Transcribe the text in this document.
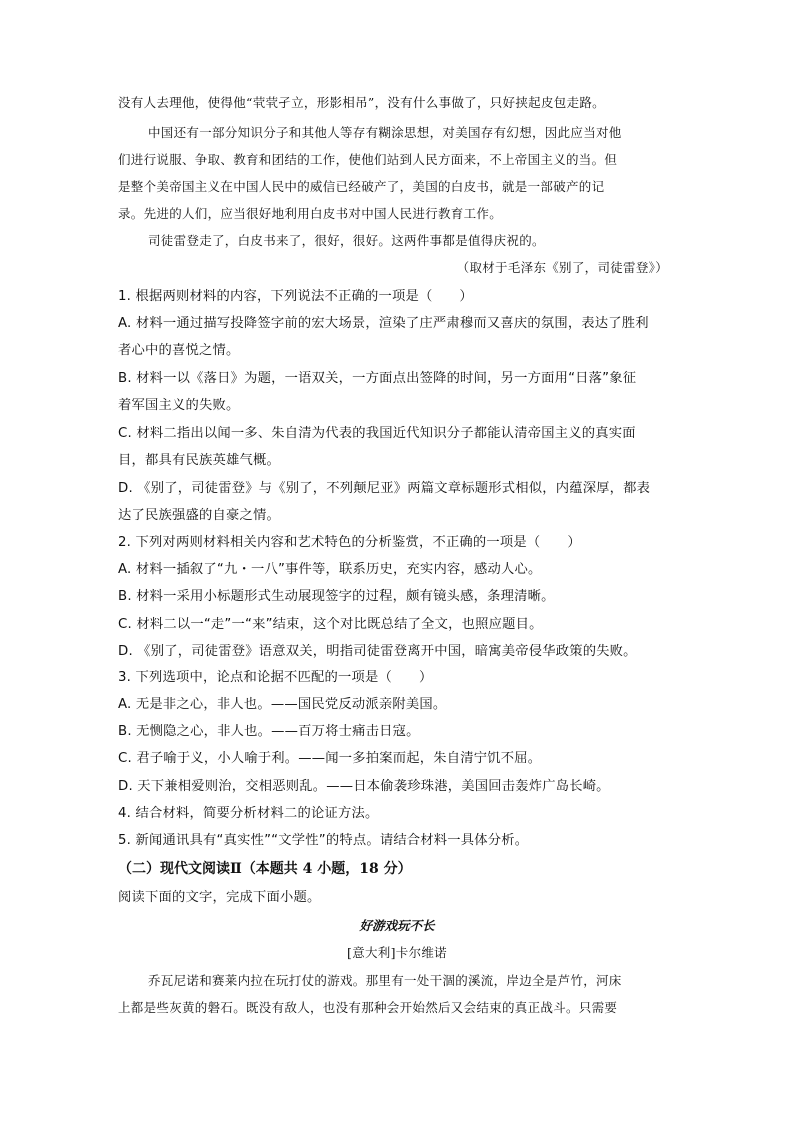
没有人去理他，使得他“茕茕孑立，形影相吊”，没有什么事做了，只好挟起皮包走路。
中国还有一部分知识分子和其他人等存有糊涂思想，对美国存有幻想，因此应当对他
们进行说服、争取、教育和团结的工作，使他们站到人民方面来，不上帝国主义的当。但
是整个美帝国主义在中国人民中的威信已经破产了，美国的白皮书，就是一部破产的记
录。先进的人们，应当很好地利用白皮书对中国人民进行教育工作。
司徒雷登走了，白皮书来了，很好，很好。这两件事都是值得庆祝的。
（取材于毛泽东《别了，司徒雷登》）
1. 根据两则材料的内容，下列说法不正确的一项是（　　）
A. 材料一通过描写投降签字前的宏大场景，渲染了庄严肃穆而又喜庆的氛围，表达了胜利
者心中的喜悦之情。
B. 材料一以《落日》为题，一语双关，一方面点出签降的时间，另一方面用“日落”象征
着军国主义的失败。
C. 材料二指出以闻一多、朱自清为代表的我国近代知识分子都能认清帝国主义的真实面
目，都具有民族英雄气概。
D. 《别了，司徒雷登》与《别了，不列颠尼亚》两篇文章标题形式相似，内蕴深厚，都表
达了民族强盛的自豪之情。
2. 下列对两则材料相关内容和艺术特色的分析鉴赏，不正确的一项是（　　）
A. 材料一插叙了“九・一八”事件等，联系历史，充实内容，感动人心。
B. 材料一采用小标题形式生动展现签字的过程，颇有镜头感，条理清晰。
C. 材料二以一“走”一“来”结束，这个对比既总结了全文，也照应题目。
D. 《别了，司徒雷登》语意双关，明指司徒雷登离开中国，暗寓美帝侵华政策的失败。
3. 下列选项中，论点和论据不匹配的一项是（　　）
A. 无是非之心，非人也。——国民党反动派亲附美国。
B. 无恻隐之心，非人也。——百万将士痛击日寇。
C. 君子喻于义，小人喻于利。——闻一多拍案而起，朱自清宁饥不屈。
D. 天下兼相爱则治，交相恶则乱。——日本偷袭珍珠港，美国回击轰炸广岛长崎。
4. 结合材料，简要分析材料二的论证方法。
5. 新闻通讯具有“真实性”“文学性”的特点。请结合材料一具体分析。
（二）现代文阅读Ⅱ（本题共 4 小题，18 分）
阅读下面的文字，完成下面小题。
好游戏玩不长
[意大利]卡尔维诺
乔瓦尼诺和赛莱内拉在玩打仗的游戏。那里有一处干涸的溪流，岸边全是芦竹，河床
上都是些灰黄的磐石。既没有敌人，也没有那种会开始然后又会结束的真正战斗。只需要
